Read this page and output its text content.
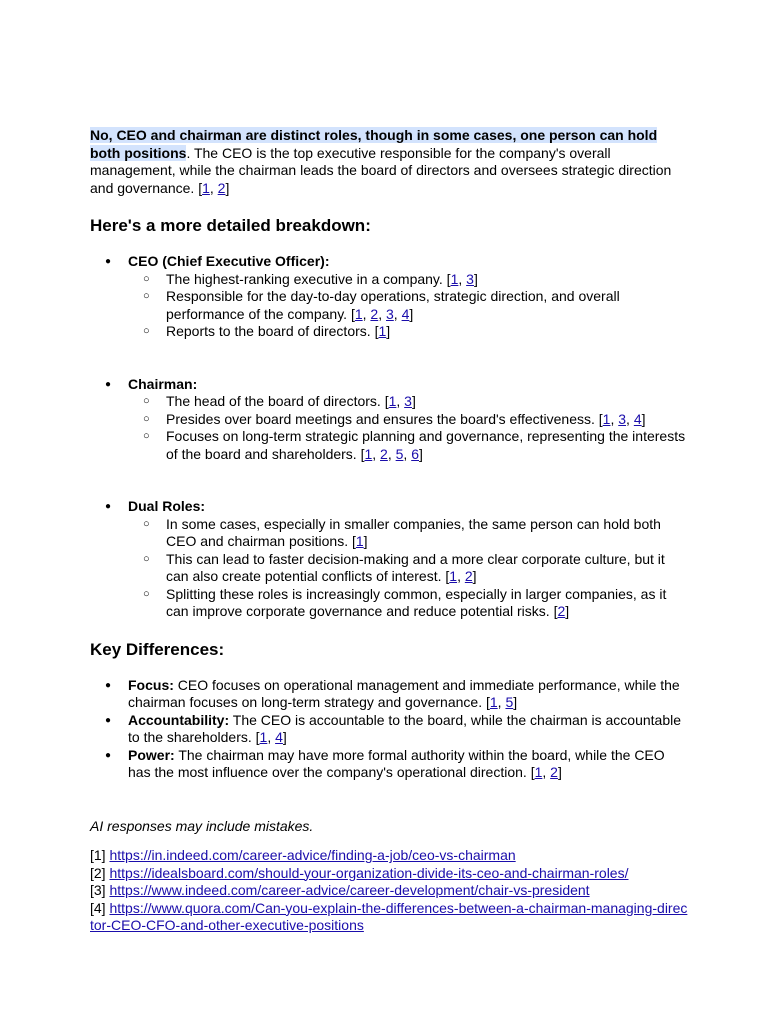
No, CEO and chairman are distinct roles, though in some cases, one person can hold both positions. The CEO is the top executive responsible for the company's overall management, while the chairman leads the board of directors and oversees strategic direction and governance. [1, 2]

Here's a more detailed breakdown:
● CEO (Chief Executive Officer):
○ The highest-ranking executive in a company. [1, 3]
○ Responsible for the day-to-day operations, strategic direction, and overall performance of the company. [1, 2, 3, 4]
○ Reports to the board of directors. [1]
● Chairman:
○ The head of the board of directors. [1, 3]
○ Presides over board meetings and ensures the board's effectiveness. [1, 3, 4]
○ Focuses on long-term strategic planning and governance, representing the interests of the board and shareholders. [1, 2, 5, 6]
● Dual Roles:
○ In some cases, especially in smaller companies, the same person can hold both CEO and chairman positions. [1]
○ This can lead to faster decision-making and a more clear corporate culture, but it can also create potential conflicts of interest. [1, 2]
○ Splitting these roles is increasingly common, especially in larger companies, as it can improve corporate governance and reduce potential risks. [2]
Key Differences:
● Focus: CEO focuses on operational management and immediate performance, while the chairman focuses on long-term strategy and governance. [1, 5]
● Accountability: The CEO is accountable to the board, while the chairman is accountable to the shareholders. [1, 4]
● Power: The chairman may have more formal authority within the board, while the CEO has the most influence over the company's operational direction. [1, 2]

AI responses may include mistakes.

[1] https://in.indeed.com/career-advice/finding-a-job/ceo-vs-chairman
[2] https://idealsboard.com/should-your-organization-divide-its-ceo-and-chairman-roles/
[3] https://www.indeed.com/career-advice/career-development/chair-vs-president
[4] https://www.quora.com/Can-you-explain-the-differences-between-a-chairman-managing-director-CEO-CFO-and-other-executive-positions
